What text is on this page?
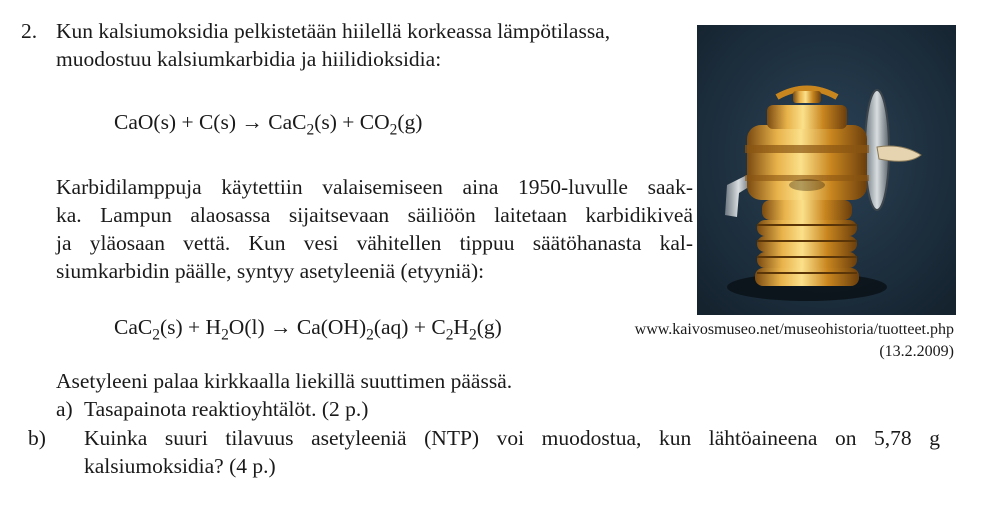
2. Kun kalsiumoksidia pelkistetään hiilellä korkeassa lämpötilassa,
muodostuu kalsiumkarbidia ja hiilidioksidia:
$CaO(s) + C(s) \to CaC_2(s) + CO_2(g)$
Karbidilamppuja käytettiin valaisemiseen aina 1950-luvulle saak-
ka. Lampun alaosassa sijaitsevaan säiliöön laitetaan karbidikiveä
ja yläosaan vettä. Kun vesi vähitellen tippuu säätöhanasta kal-
siumkarbidin päälle, syntyy asetyleeniä (etyyniä):
$CaC_2(s) + H_2O(l) \to Ca(OH)_2(aq) + C_2H_2(g)$	www.kaivosmuseo.net/museohistoria/tuotteet.php
(13.2.2009)
Asetyleeni palaa kirkkaalla liekillä suuttimen päässä.
a) Tasapainota reaktioyhtälöt. (2 p.)
b) Kuinka suuri tilavuus asetyleeniä (NTP) voi muodostua, kun lähtöaineena on 5,78 g
kalsiumoksidia? (4 p.)
